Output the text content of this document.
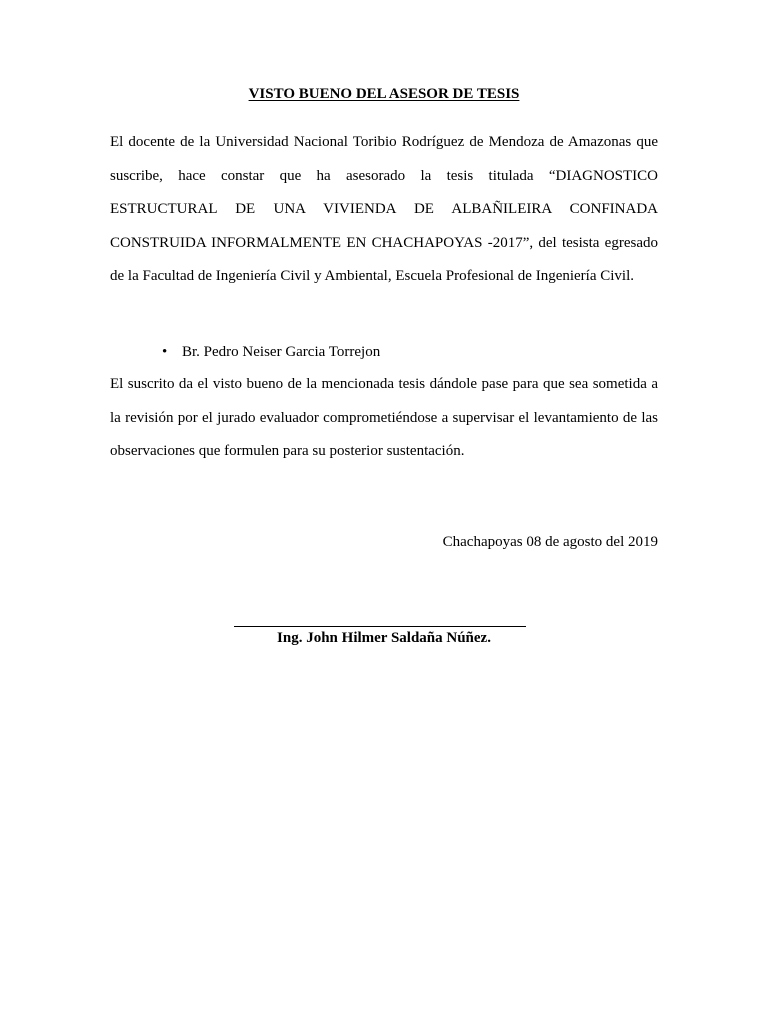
VISTO BUENO DEL ASESOR DE TESIS

El docente de la Universidad Nacional Toribio Rodríguez de Mendoza de Amazonas que suscribe, hace constar que ha asesorado la tesis titulada “DIAGNOSTICO ESTRUCTURAL DE UNA VIVIENDA DE ALBAÑILEIRA CONFINADA CONSTRUIDA INFORMALMENTE EN CHACHAPOYAS -2017”, del tesista egresado de la Facultad de Ingeniería Civil y Ambiental, Escuela Profesional de Ingeniería Civil.

• Br. Pedro Neiser Garcia Torrejon

El suscrito da el visto bueno de la mencionada tesis dándole pase para que sea sometida a la revisión por el jurado evaluador comprometiéndose a supervisar el levantamiento de las observaciones que formulen para su posterior sustentación.

Chachapoyas 08 de agosto del 2019
Ing. John Hilmer Saldaña Núñez.
